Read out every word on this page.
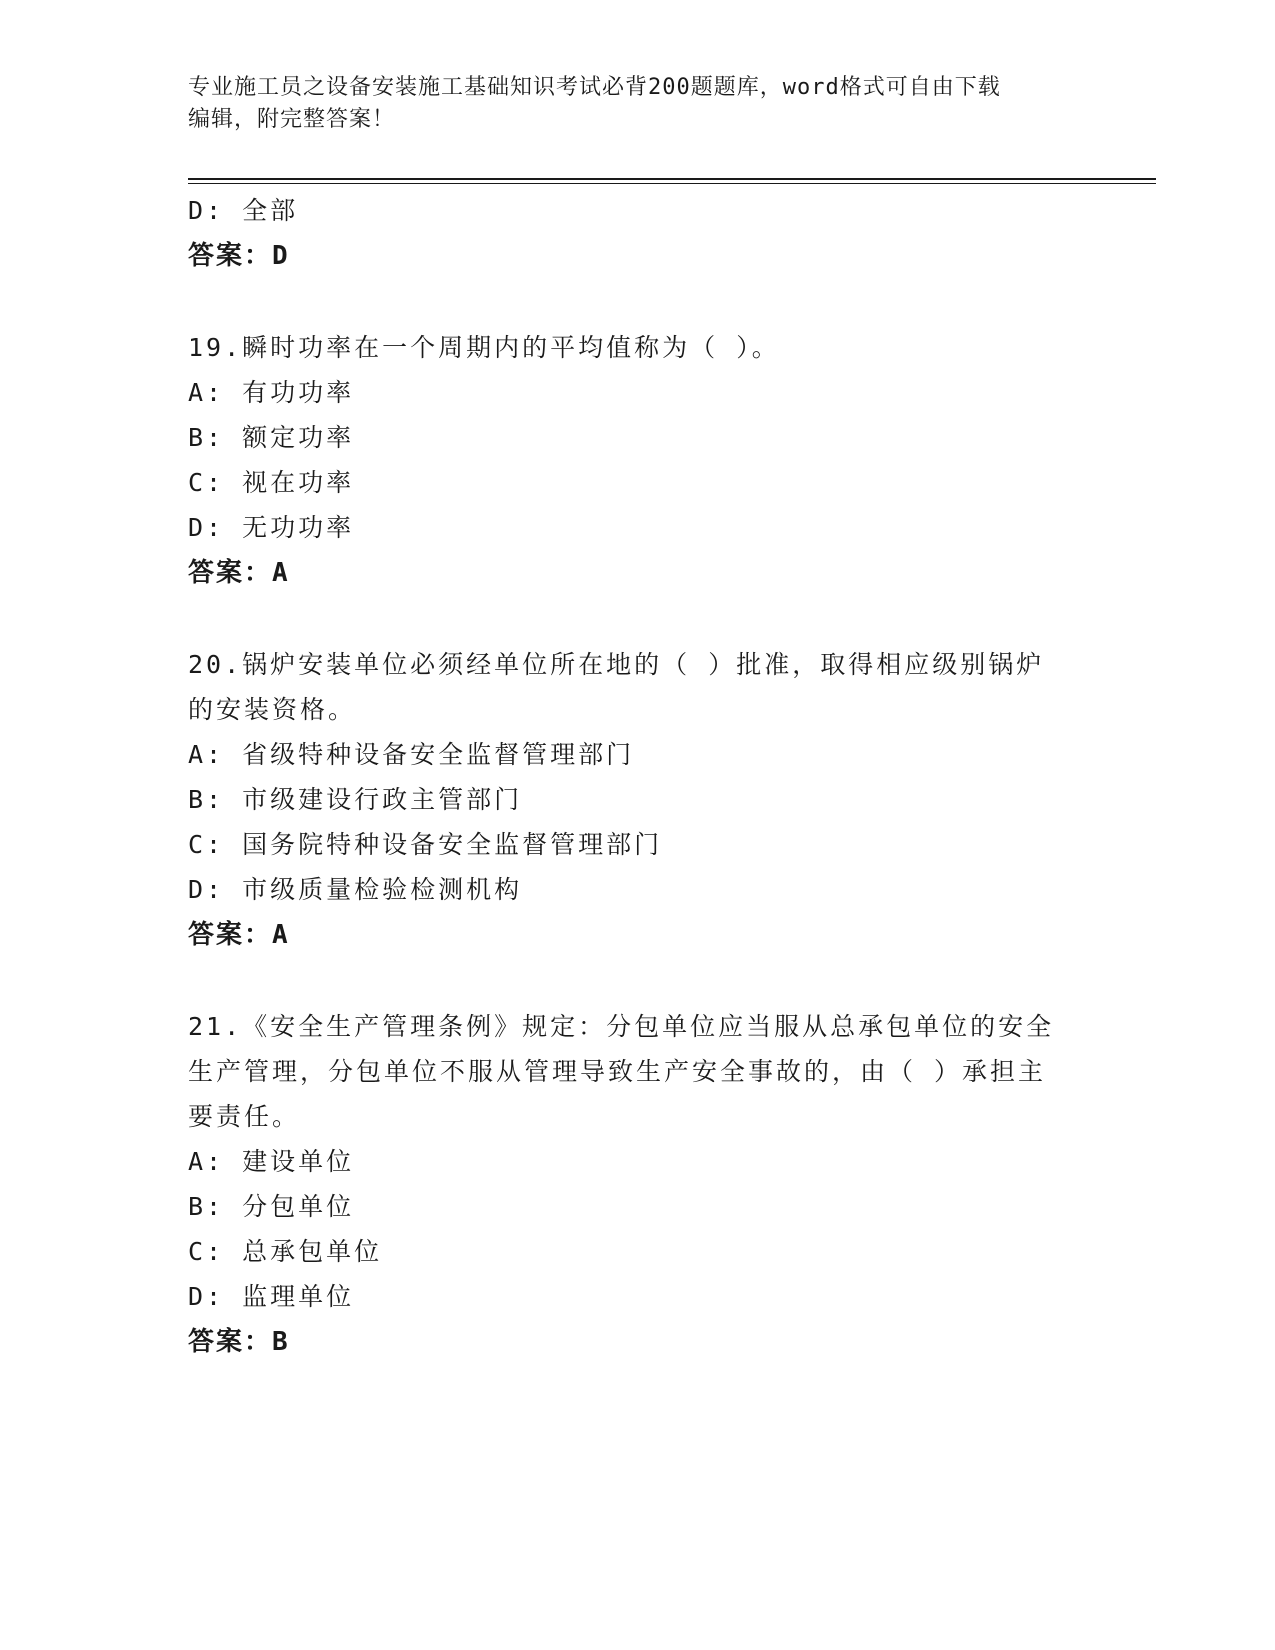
专业施工员之设备安装施工基础知识考试必背200题题库，word格式可自由下载
编辑，附完整答案！
D: 全部
答案：D
19.瞬时功率在一个周期内的平均值称为（ ）。
A: 有功功率
B: 额定功率
C: 视在功率
D: 无功功率
答案：A
20.锅炉安装单位必须经单位所在地的（ ）批准，取得相应级别锅炉
的安装资格。
A: 省级特种设备安全监督管理部门
B: 市级建设行政主管部门
C: 国务院特种设备安全监督管理部门
D: 市级质量检验检测机构
答案：A
21.《安全生产管理条例》规定：分包单位应当服从总承包单位的安全
生产管理，分包单位不服从管理导致生产安全事故的，由（ ）承担主
要责任。
A: 建设单位
B: 分包单位
C: 总承包单位
D: 监理单位
答案：B
